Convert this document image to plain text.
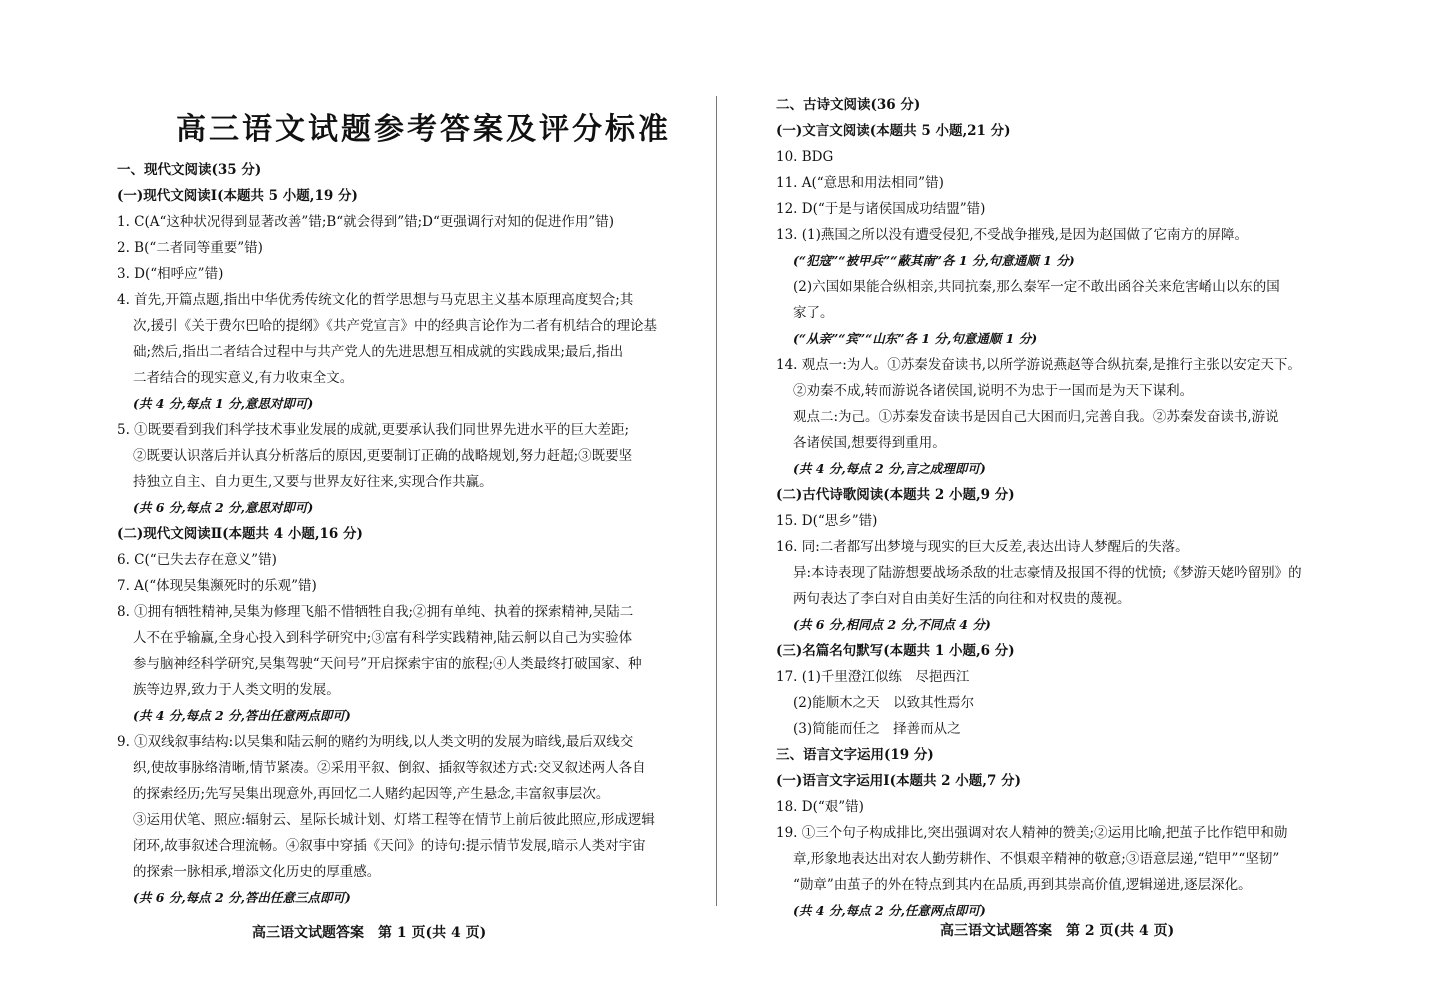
高三语文试题参考答案及评分标准
一、现代文阅读(35 分)
(一)现代文阅读Ⅰ(本题共 5 小题,19 分)
1. C(A“这种状况得到显著改善”错;B“就会得到”错;D“更强调行对知的促进作用”错)
2. B(“二者同等重要”错)
3. D(“相呼应”错)
4. 首先,开篇点题,指出中华优秀传统文化的哲学思想与马克思主义基本原理高度契合;其
次,援引《关于费尔巴哈的提纲》《共产党宣言》中的经典言论作为二者有机结合的理论基
础;然后,指出二者结合过程中与共产党人的先进思想互相成就的实践成果;最后,指出
二者结合的现实意义,有力收束全文。
(共 4 分,每点 1 分,意思对即可)
5. ①既要看到我们科学技术事业发展的成就,更要承认我们同世界先进水平的巨大差距;
②既要认识落后并认真分析落后的原因,更要制订正确的战略规划,努力赶超;③既要坚
持独立自主、自力更生,又要与世界友好往来,实现合作共赢。
(共 6 分,每点 2 分,意思对即可)
(二)现代文阅读Ⅱ(本题共 4 小题,16 分)
6. C(“已失去存在意义”错)
7. A(“体现吴集濒死时的乐观”错)
8. ①拥有牺牲精神,吴集为修理飞船不惜牺牲自我;②拥有单纯、执着的探索精神,吴陆二
人不在乎输赢,全身心投入到科学研究中;③富有科学实践精神,陆云舸以自己为实验体
参与脑神经科学研究,吴集驾驶“天问号”开启探索宇宙的旅程;④人类最终打破国家、种
族等边界,致力于人类文明的发展。
(共 4 分,每点 2 分,答出任意两点即可)
9. ①双线叙事结构:以吴集和陆云舸的赌约为明线,以人类文明的发展为暗线,最后双线交
织,使故事脉络清晰,情节紧凑。②采用平叙、倒叙、插叙等叙述方式:交叉叙述两人各自
的探索经历;先写吴集出现意外,再回忆二人赌约起因等,产生悬念,丰富叙事层次。
③运用伏笔、照应:辐射云、星际长城计划、灯塔工程等在情节上前后彼此照应,形成逻辑
闭环,故事叙述合理流畅。④叙事中穿插《天问》的诗句:提示情节发展,暗示人类对宇宙
的探索一脉相承,增添文化历史的厚重感。
(共 6 分,每点 2 分,答出任意三点即可)
高三语文试题答案　第 1 页(共 4 页)
二、古诗文阅读(36 分)
(一)文言文阅读(本题共 5 小题,21 分)
10. BDG
11. A(“意思和用法相同”错)
12. D(“于是与诸侯国成功结盟”错)
13. (1)燕国之所以没有遭受侵犯,不受战争摧残,是因为赵国做了它南方的屏障。
(“犯寇”“被甲兵”“蔽其南”各 1 分,句意通顺 1 分)
(2)六国如果能合纵相亲,共同抗秦,那么秦军一定不敢出函谷关来危害崤山以东的国
家了。
(“从亲”“宾”“山东”各 1 分,句意通顺 1 分)
14. 观点一:为人。①苏秦发奋读书,以所学游说燕赵等合纵抗秦,是推行主张以安定天下。
②劝秦不成,转而游说各诸侯国,说明不为忠于一国而是为天下谋利。
观点二:为己。①苏秦发奋读书是因自己大困而归,完善自我。②苏秦发奋读书,游说
各诸侯国,想要得到重用。
(共 4 分,每点 2 分,言之成理即可)
(二)古代诗歌阅读(本题共 2 小题,9 分)
15. D(“思乡”错)
16. 同:二者都写出梦境与现实的巨大反差,表达出诗人梦醒后的失落。
异:本诗表现了陆游想要战场杀敌的壮志豪情及报国不得的忧愤;《梦游天姥吟留别》的
两句表达了李白对自由美好生活的向往和对权贵的蔑视。
(共 6 分,相同点 2 分,不同点 4 分)
(三)名篇名句默写(本题共 1 小题,6 分)
17. (1)千里澄江似练　尽挹西江
(2)能顺木之天　以致其性焉尔
(3)简能而任之　择善而从之
三、语言文字运用(19 分)
(一)语言文字运用Ⅰ(本题共 2 小题,7 分)
18. D(“艰”错)
19. ①三个句子构成排比,突出强调对农人精神的赞美;②运用比喻,把茧子比作铠甲和勋
章,形象地表达出对农人勤劳耕作、不惧艰辛精神的敬意;③语意层递,“铠甲”“坚韧”
“勋章”由茧子的外在特点到其内在品质,再到其崇高价值,逻辑递进,逐层深化。
(共 4 分,每点 2 分,任意两点即可)
高三语文试题答案　第 2 页(共 4 页)
